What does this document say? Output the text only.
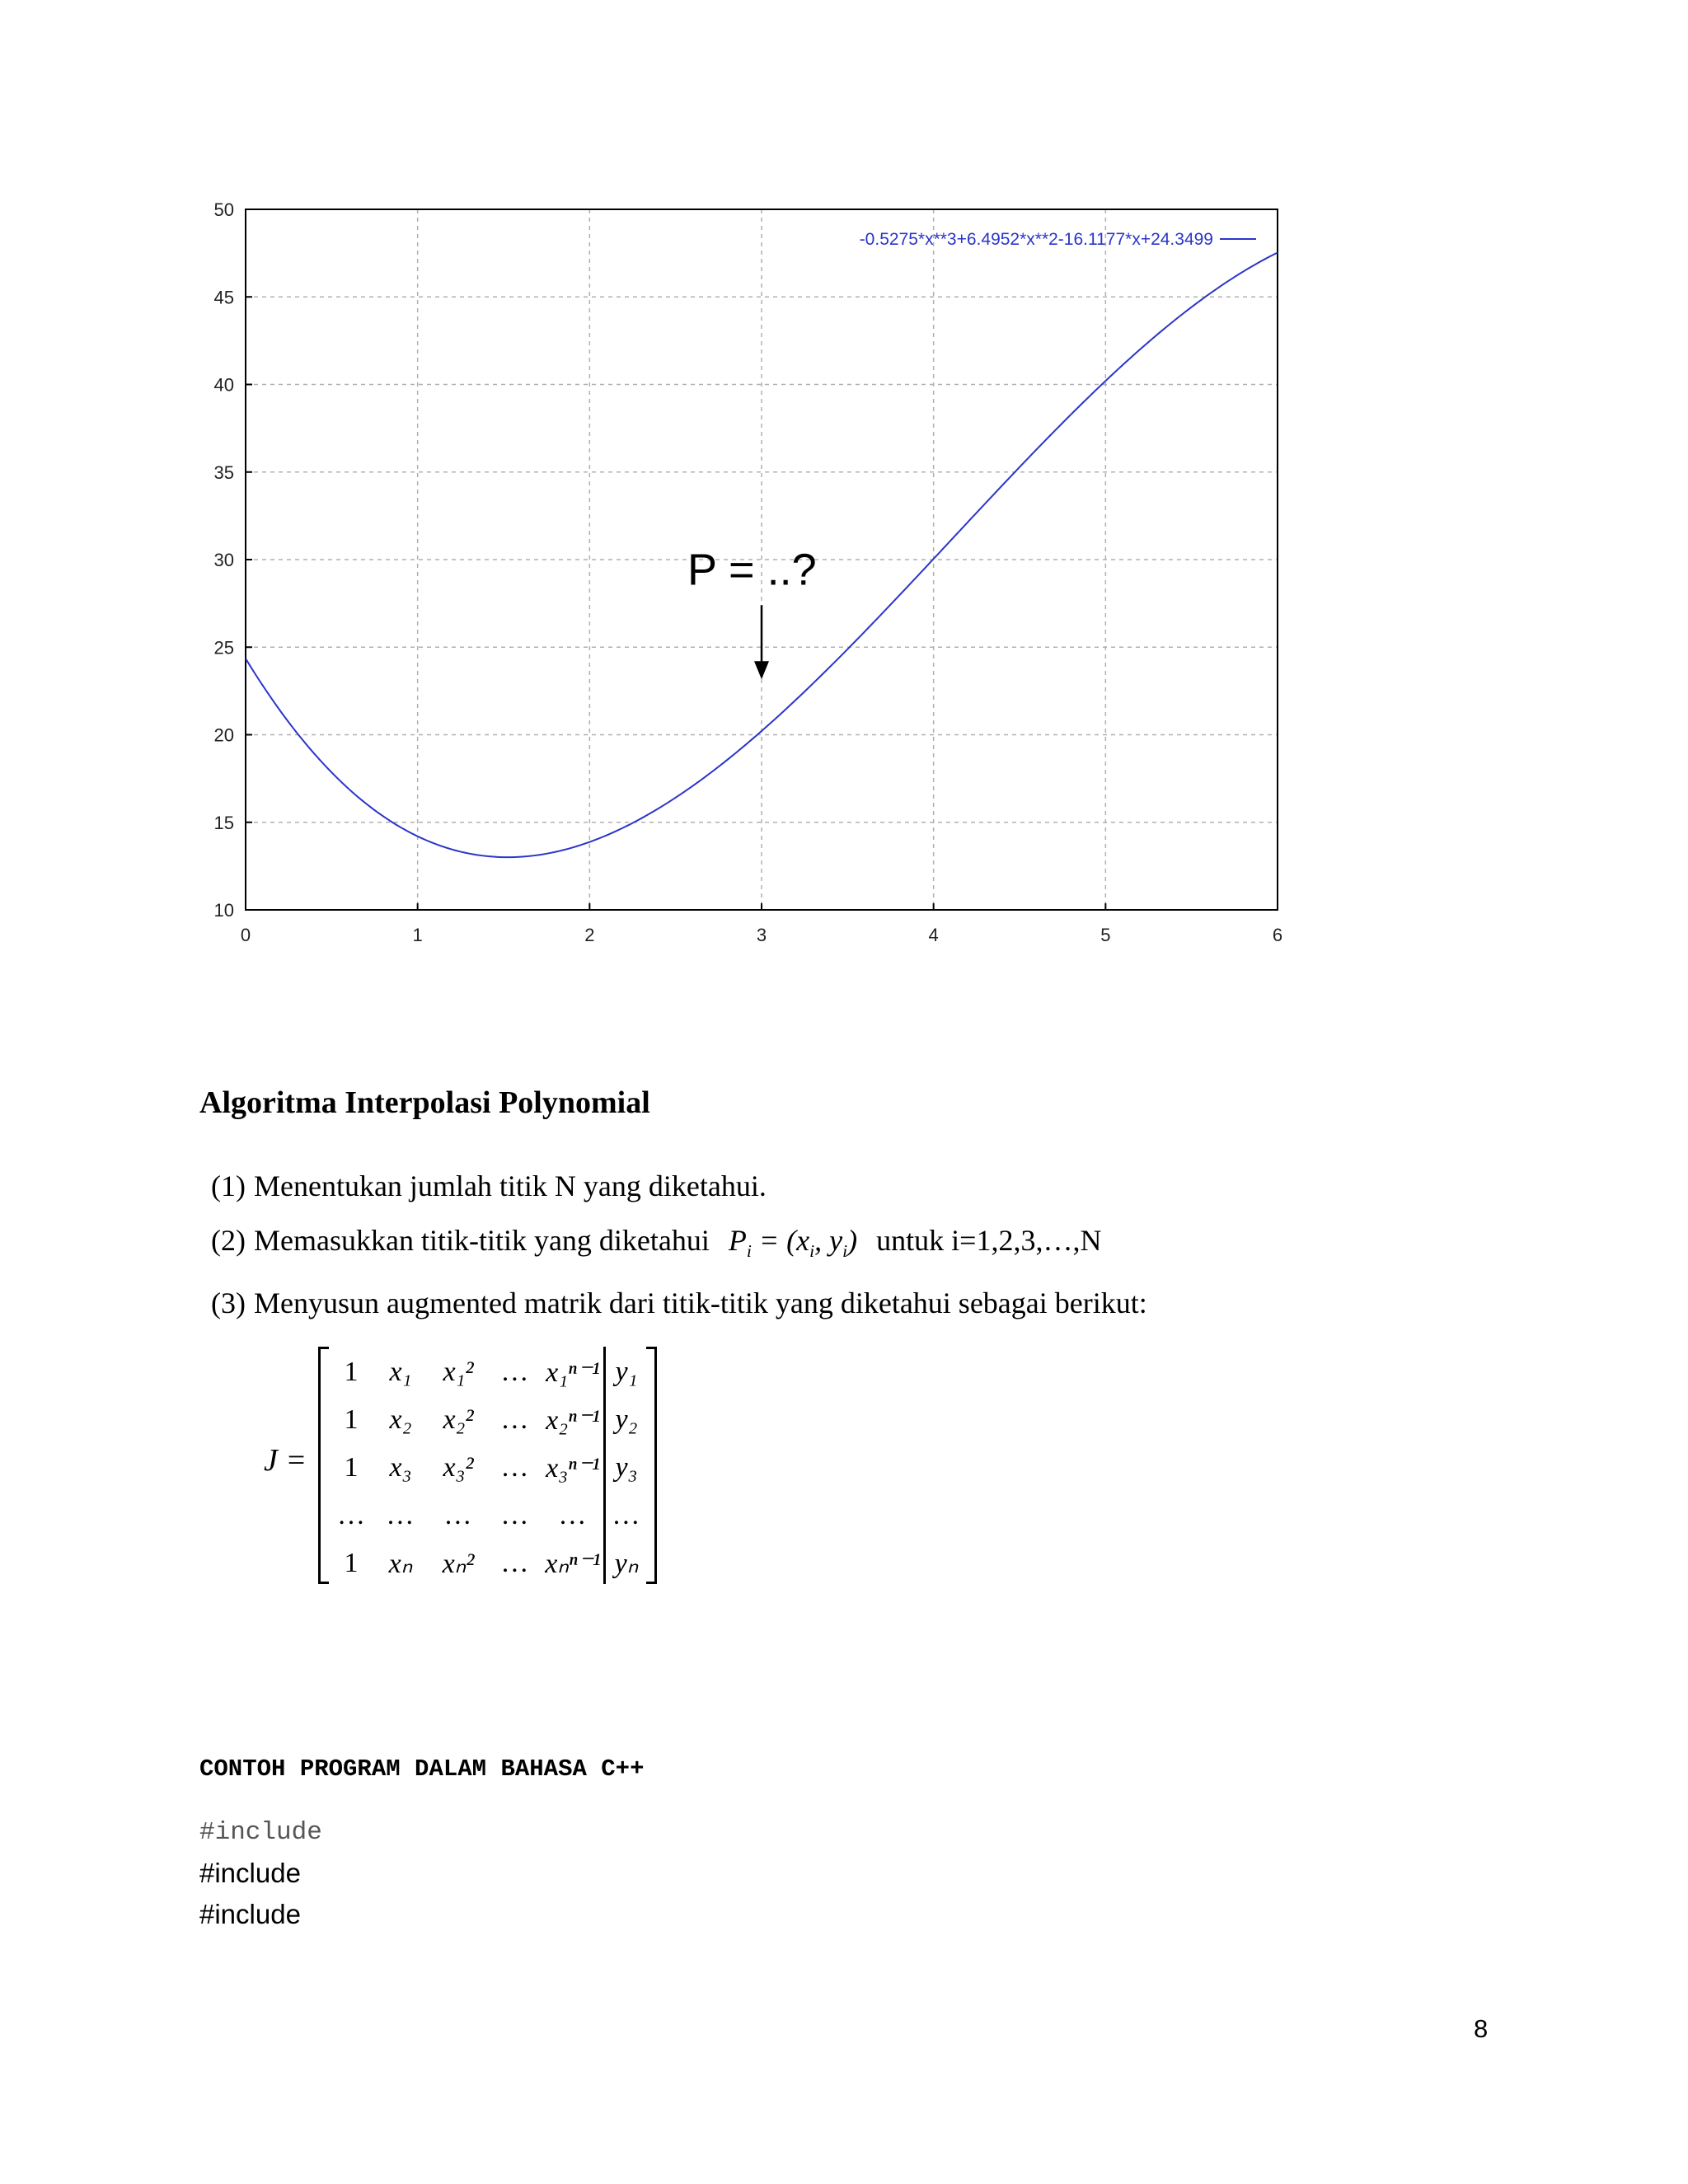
0	1	2	3	4	5	6
10
15
20
25
30
35
40
45
50
-0.5275*x**3+6.4952*x**2-16.1177*x+24.3499
P = ..?
Algoritma Interpolasi Polynomial
(1) Menentukan jumlah titik N yang diketahui.
(2) Memasukkan titik-titik yang diketahui $P_i = (x_i$, $y_i$) untuk i=1,2,3,…,N
(3) Menyusun augmented matrik dari titik-titik yang diketahui sebagai berikut:
J =
1	x₁	x₁²	…	x₁ⁿ⁻¹	y₁
1	x₂	x₂²	…	x₂ⁿ⁻¹	y₂
1	x₃	x₃²	…	x₃ⁿ⁻¹	y₃
…	…	…	…	…	…
1	xₙ	xₙ²	…	xₙⁿ⁻¹	yₙ
CONTOH PROGRAM DALAM BAHASA C++
#include
#include
#include
8
